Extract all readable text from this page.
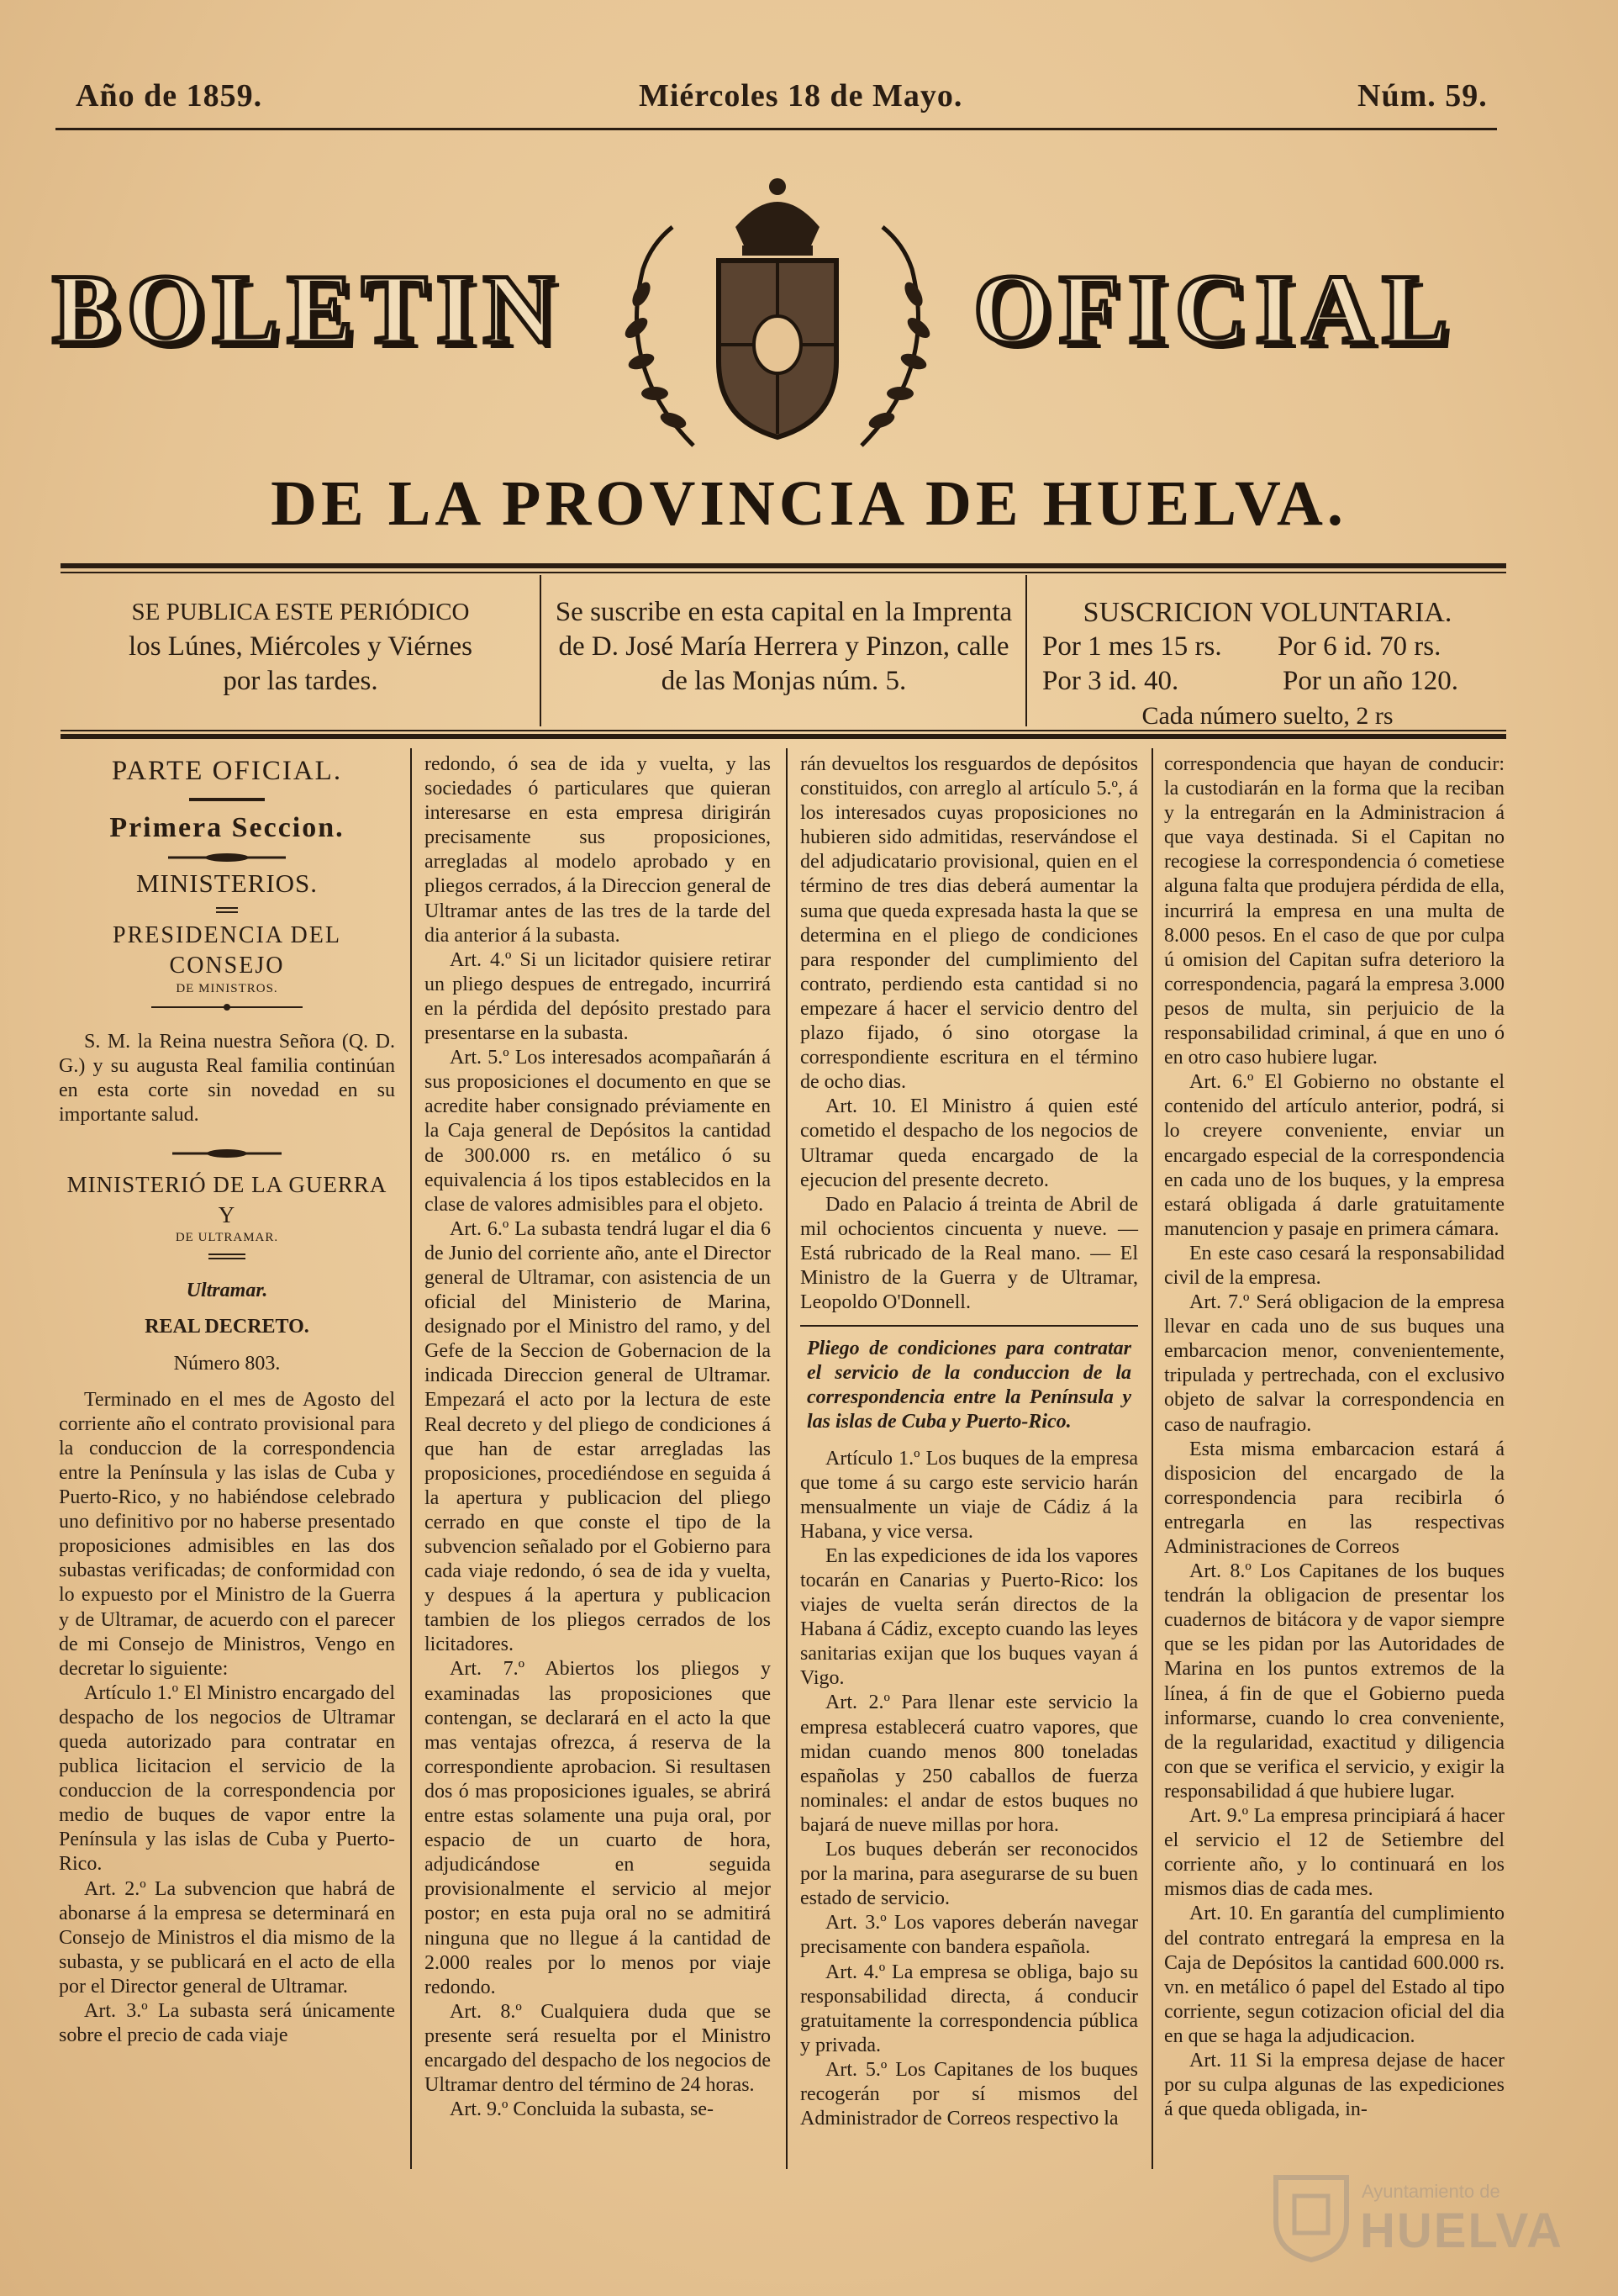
Año de 1859.	Miércoles 18 de Mayo.	Núm. 59.
BOLETIN	OFICIAL
DE LA PROVINCIA DE HUELVA.
SE PUBLICA ESTE PERIÓDICO
los Lúnes, Miércoles y Viérnes
por las tardes.
Se suscribe en esta capital en la Imprenta
de D. José María Herrera y Pinzon, calle
de las Monjas núm. 5.
SUSCRICION VOLUNTARIA.
Por 1 mes 15 rs. Por 6 id. 70 rs.
Por 3 id. 40.	Por un año 120.
Cada número suelto, 2 rs

PARTE OFICIAL.

Primera Seccion.

MINISTERIOS.

PRESIDENCIA DEL CONSEJO

DE MINISTROS.

S. M. la Reina nuestra Señora (Q. D. G.) y su augusta Real familia continúan en esta corte sin novedad en su importante salud.

MINISTERIÓ DE LA GUERRA Y

DE ULTRAMAR.

Ultramar.

REAL DECRETO.

Número 803.

Terminado en el mes de Agosto del corriente año el contrato provisional para la conduccion de la correspondencia entre la Península y las islas de Cuba y Puerto-Rico, y no habiéndose celebrado uno definitivo por no haberse presentado proposiciones admisibles en las dos subastas verificadas; de conformidad con lo expuesto por el Ministro de la Guerra y de Ultramar, de acuerdo con el parecer de mi Consejo de Ministros, Vengo en decretar lo siguiente:

Artículo 1.º El Ministro encargado del despacho de los negocios de Ultramar queda autorizado para contratar en publica licitacion el servicio de la conduccion de la correspondencia por medio de buques de vapor entre la Península y las islas de Cuba y Puerto-Rico.

Art. 2.º La subvencion que habrá de abonarse á la empresa se determinará en Consejo de Ministros el dia mismo de la subasta, y se publicará en el acto de ella por el Director general de Ultramar.

Art. 3.º La subasta será únicamente sobre el precio de cada viaje

redondo, ó sea de ida y vuelta, y las sociedades ó particulares que quieran interesarse en esta empresa dirigirán precisamente sus proposiciones, arregladas al modelo aprobado y en pliegos cerrados, á la Direccion general de Ultramar antes de las tres de la tarde del dia anterior á la subasta.

Art. 4.º Si un licitador quisiere retirar un pliego despues de entregado, incurrirá en la pérdida del depósito prestado para presentarse en la subasta.

Art. 5.º Los interesados acompañarán á sus proposiciones el documento en que se acredite haber consignado préviamente en la Caja general de Depósitos la cantidad de 300.000 rs. en metálico ó su equivalencia á los tipos establecidos en la clase de valores admisibles para el objeto.

Art. 6.º La subasta tendrá lugar el dia 6 de Junio del corriente año, ante el Director general de Ultramar, con asistencia de un oficial del Ministerio de Marina, designado por el Ministro del ramo, y del Gefe de la Seccion de Gobernacion de la indicada Direccion general de Ultramar. Empezará el acto por la lectura de este Real decreto y del pliego de condiciones á que han de estar arregladas las proposiciones, procediéndose en seguida á la apertura y publicacion del pliego cerrado en que conste el tipo de la subvencion señalado por el Gobierno para cada viaje redondo, ó sea de ida y vuelta, y despues á la apertura y publicacion tambien de los pliegos cerrados de los licitadores.

Art. 7.º Abiertos los pliegos y examinadas las proposiciones que contengan, se declarará en el acto la que mas ventajas ofrezca, á reserva de la correspondiente aprobacion. Si resultasen dos ó mas proposiciones iguales, se abrirá entre estas solamente una puja oral, por espacio de un cuarto de hora, adjudicándose en seguida provisionalmente el servicio al mejor postor; en esta puja oral no se admitirá ninguna que no llegue á la cantidad de 2.000 reales por lo menos por viaje redondo.

Art. 8.º Cualquiera duda que se presente será resuelta por el Ministro encargado del despacho de los negocios de Ultramar dentro del término de 24 horas.

Art. 9.º Concluida la subasta, se-

rán devueltos los resguardos de depósitos constituidos, con arreglo al artículo 5.º, á los interesados cuyas proposiciones no hubieren sido admitidas, reservándose el del adjudicatario provisional, quien en el término de tres dias deberá aumentar la suma que queda expresada hasta la que se determina en el pliego de condiciones para responder del cumplimiento del contrato, perdiendo esta cantidad si no empezare á hacer el servicio dentro del plazo fijado, ó sino otorgase la correspondiente escritura en el término de ocho dias.

Art. 10. El Ministro á quien esté cometido el despacho de los negocios de Ultramar queda encargado de la ejecucion del presente decreto.

Dado en Palacio á treinta de Abril de mil ochocientos cincuenta y nueve. — Está rubricado de la Real mano. — El Ministro de la Guerra y de Ultramar, Leopoldo O'Donnell.

Pliego de condiciones para contratar el servicio de la conduccion de la correspondencia entre la Península y las islas de Cuba y Puerto-Rico.

Artículo 1.º Los buques de la empresa que tome á su cargo este servicio harán mensualmente un viaje de Cádiz á la Habana, y vice versa.

En las expediciones de ida los vapores tocarán en Canarias y Puerto-Rico: los viajes de vuelta serán directos de la Habana á Cádiz, excepto cuando las leyes sanitarias exijan que los buques vayan á Vigo.

Art. 2.º Para llenar este servicio la empresa establecerá cuatro vapores, que midan cuando menos 800 toneladas españolas y 250 caballos de fuerza nominales: el andar de estos buques no bajará de nueve millas por hora.

Los buques deberán ser reconocidos por la marina, para asegurarse de su buen estado de servicio.

Art. 3.º Los vapores deberán navegar precisamente con bandera española.

Art. 4.º La empresa se obliga, bajo su responsabilidad directa, á conducir gratuitamente la correspondencia pública y privada.

Art. 5.º Los Capitanes de los buques recogerán por sí mismos del Administrador de Correos respectivo la

correspondencia que hayan de conducir: la custodiarán en la forma que la reciban y la entregarán en la Administracion á que vaya destinada. Si el Capitan no recogiese la correspondencia ó cometiese alguna falta que produjera pérdida de ella, incurrirá la empresa en una multa de 8.000 pesos. En el caso de que por culpa ú omision del Capitan sufra deterioro la correspondencia, pagará la empresa 3.000 pesos de multa, sin perjuicio de la responsabilidad criminal, á que en uno ó en otro caso hubiere lugar.

Art. 6.º El Gobierno no obstante el contenido del artículo anterior, podrá, si lo creyere conveniente, enviar un encargado especial de la correspondencia en cada uno de los buques, y la empresa estará obligada á darle gratuitamente manutencion y pasaje en primera cámara.

En este caso cesará la responsabilidad civil de la empresa.

Art. 7.º Será obligacion de la empresa llevar en cada uno de sus buques una embarcacion menor, convenientemente, tripulada y pertrechada, con el exclusivo objeto de salvar la correspondencia en caso de naufragio.

Esta misma embarcacion estará á disposicion del encargado de la correspondencia para recibirla ó entregarla en las respectivas Administraciones de Correos

Art. 8.º Los Capitanes de los buques tendrán la obligacion de presentar los cuadernos de bitácora y de vapor siempre que se les pidan por las Autoridades de Marina en los puntos extremos de la línea, á fin de que el Gobierno pueda informarse, cuando lo crea conveniente, de la regularidad, exactitud y diligencia con que se verifica el servicio, y exigir la responsabilidad á que hubiere lugar.

Art. 9.º La empresa principiará á hacer el servicio el 12 de Setiembre del corriente año, y lo continuará en los mismos dias de cada mes.

Art. 10. En garantía del cumplimiento del contrato entregará la empresa en la Caja de Depósitos la cantidad 600.000 rs. vn. en metálico ó papel del Estado al tipo corriente, segun cotizacion oficial del dia en que se haga la adjudicacion.

Art. 11 Si la empresa dejase de hacer por su culpa algunas de las expediciones á que queda obligada, in-

Ayuntamiento de
HUELVA
